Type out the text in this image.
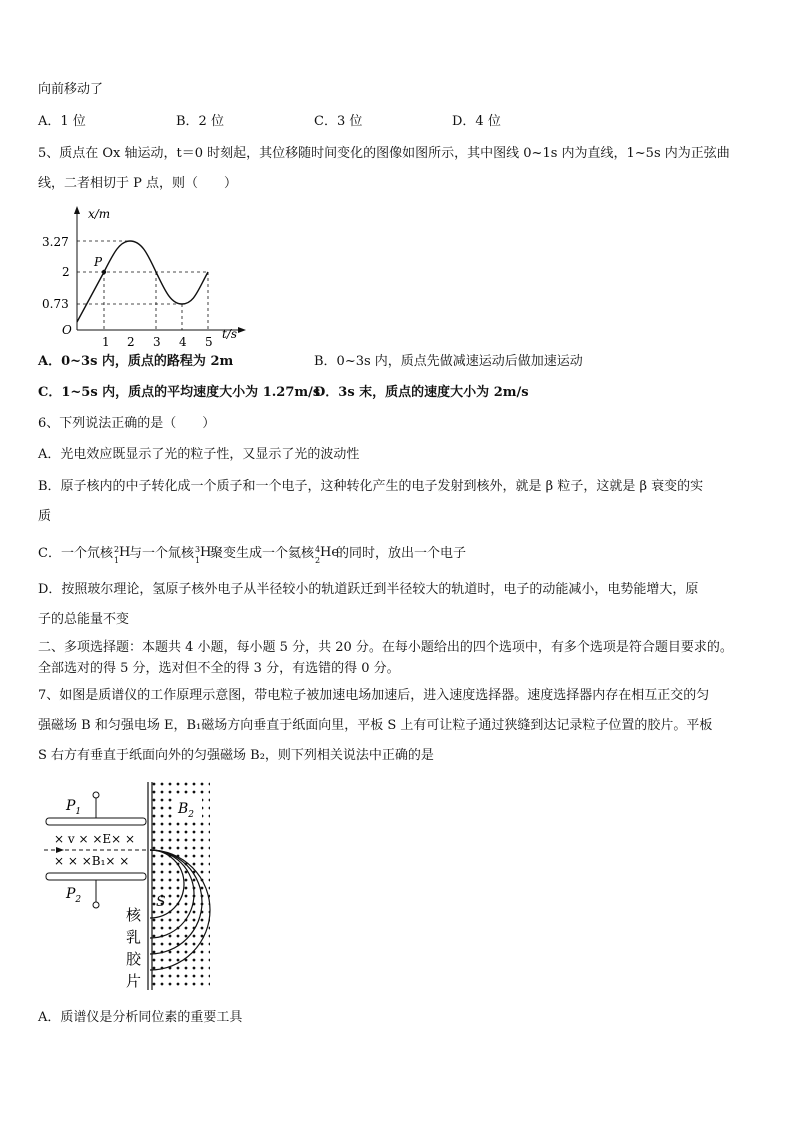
向前移动了
A．1 位	B．2 位	C．3 位	D．4 位
5、质点在 Ox 轴运动，t＝0 时刻起，其位移随时间变化的图像如图所示，其中图线 0~1s 内为直线，1~5s 内为正弦曲
线，二者相切于 P 点，则（　　）
x/m
t/s
O
3.27
2
0.73
1 2 3 4 5
P
A．0~3s 内，质点的路程为 2m	B．0~3s 内，质点先做减速运动后做加速运动
C．1~5s 内，质点的平均速度大小为 1.27m/s
D．3s 末，质点的速度大小为 2m/s
6、下列说法正确的是（　　）
A．光电效应既显示了光的粒子性，又显示了光的波动性
B．原子核内的中子转化成一个质子和一个电子，这种转化产生的电子发射到核外，就是 β 粒子，这就是 β 衰变的实
质
C．一个氘核 2
1
H
与一个氚核 3
1
H
聚变生成一个氦核 4
2
He
的同时，放出一个电子
D．按照玻尔理论，氢原子核外电子从半径较小的轨道跃迁到半径较大的轨道时，电子的动能减小，电势能增大，原
子的总能量不变
二、多项选择题：本题共 4 小题，每小题 5 分，共 20 分。在每小题给出的四个选项中，有多个选项是符合题目要求的。
全部选对的得 5 分，选对但不全的得 3 分，有选错的得 0 分。
7、如图是质谱仪的工作原理示意图，带电粒子被加速电场加速后，进入速度选择器。速度选择器内存在相互正交的匀
强磁场 B 和匀强电场 E，B₁磁场方向垂直于纸面向里，平板 S 上有可让粒子通过狭缝到达记录粒子位置的胶片。平板
S 右方有垂直于纸面向外的匀强磁场 B₂，则下列相关说法中正确的是
$B_2$
$P_1$
$P_2$
× v × ×E× ×
× × ×B₁× ×
S
核
乳
胶
片
A．质谱仪是分析同位素的重要工具
